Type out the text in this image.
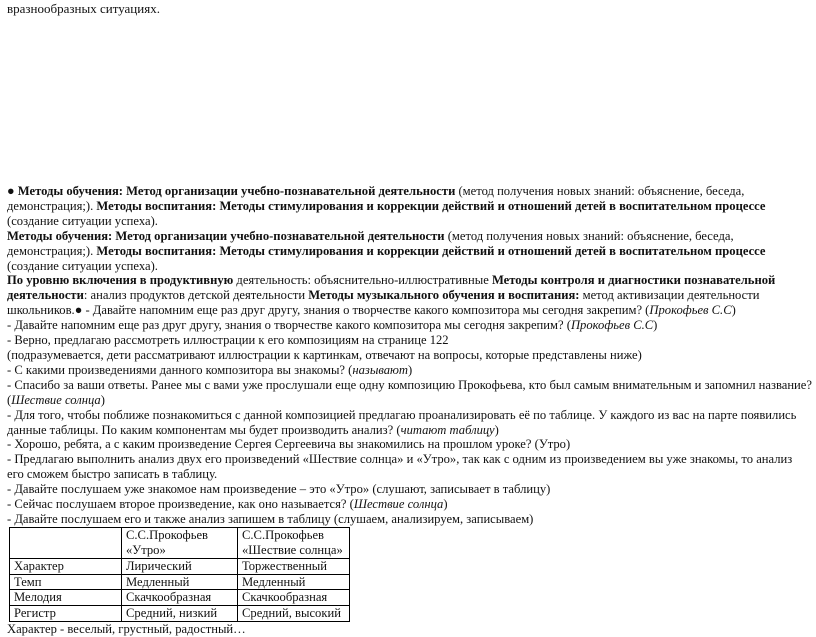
вразнообразных ситуациях.

● Методы обучения: Метод организации учебно-познавательной деятельности (метод получения новых знаний: объяснение, беседа, демонстрация;). Методы воспитания: Методы стимулирования и коррекции действий и отношений детей в воспитательном процессе (создание ситуации успеха).

Методы обучения: Метод организации учебно-познавательной деятельности (метод получения новых знаний: объяснение, беседа, демонстрация;). Методы воспитания: Методы стимулирования и коррекции действий и отношений детей в воспитательном процессе (создание ситуации успеха).

По уровню включения в продуктивную деятельность: объяснительно-иллюстративные Методы контроля и диагностики познавательной деятельности: анализ продуктов детской деятельности Методы музыкального обучения и воспитания: метод активизации деятельности школьников.● - Давайте напомним еще раз друг другу, знания о творчестве какого композитора мы сегодня закрепим? (Прокофьев С.С)

- Давайте напомним еще раз друг другу, знания о творчестве какого композитора мы сегодня закрепим? (Прокофьев С.С)

- Верно, предлагаю рассмотреть иллюстрации к его композициям на странице 122

(подразумевается, дети рассматривают иллюстрации к картинкам, отвечают на вопросы, которые представлены ниже)

- С какими произведениями данного композитора вы знакомы? (называют)

- Спасибо за ваши ответы. Ранее мы с вами уже прослушали еще одну композицию Прокофьева, кто был самым внимательным и запомнил название? (Шествие солнца)

- Для того, чтобы поближе познакомиться с данной композицией предлагаю проанализировать её по таблице. У каждого из вас на парте появились данные таблицы. По каким компонентам мы будет производить анализ? (читают таблицу)

- Хорошо, ребята, а с каким произведение Сергея Сергеевича вы знакомились на прошлом уроке? (Утро)

- Предлагаю выполнить анализ двух его произведений «Шествие солнца» и «Утро», так как с одним из произведением вы уже знакомы, то анализ его сможем быстро записать в таблицу.

- Давайте послушаем уже знакомое нам произведение – это «Утро» (слушают, записывает в таблицу)

- Сейчас послушаем второе произведение, как оно называется? (Шествие солнца)

- Давайте послушаем его и также анализ запишем в таблицу (слушаем, анализируем, записываем)

	С.С.Прокофьев «Утро»	С.С.Прокофьев «Шествие солнца»
Характер	Лирический	Торжественный
Темп	Медленный	Медленный
Мелодия	Скачкообразная	Скачкообразная
Регистр	Средний, низкий	Средний, высокий

Характер - веселый, грустный, радостный…
